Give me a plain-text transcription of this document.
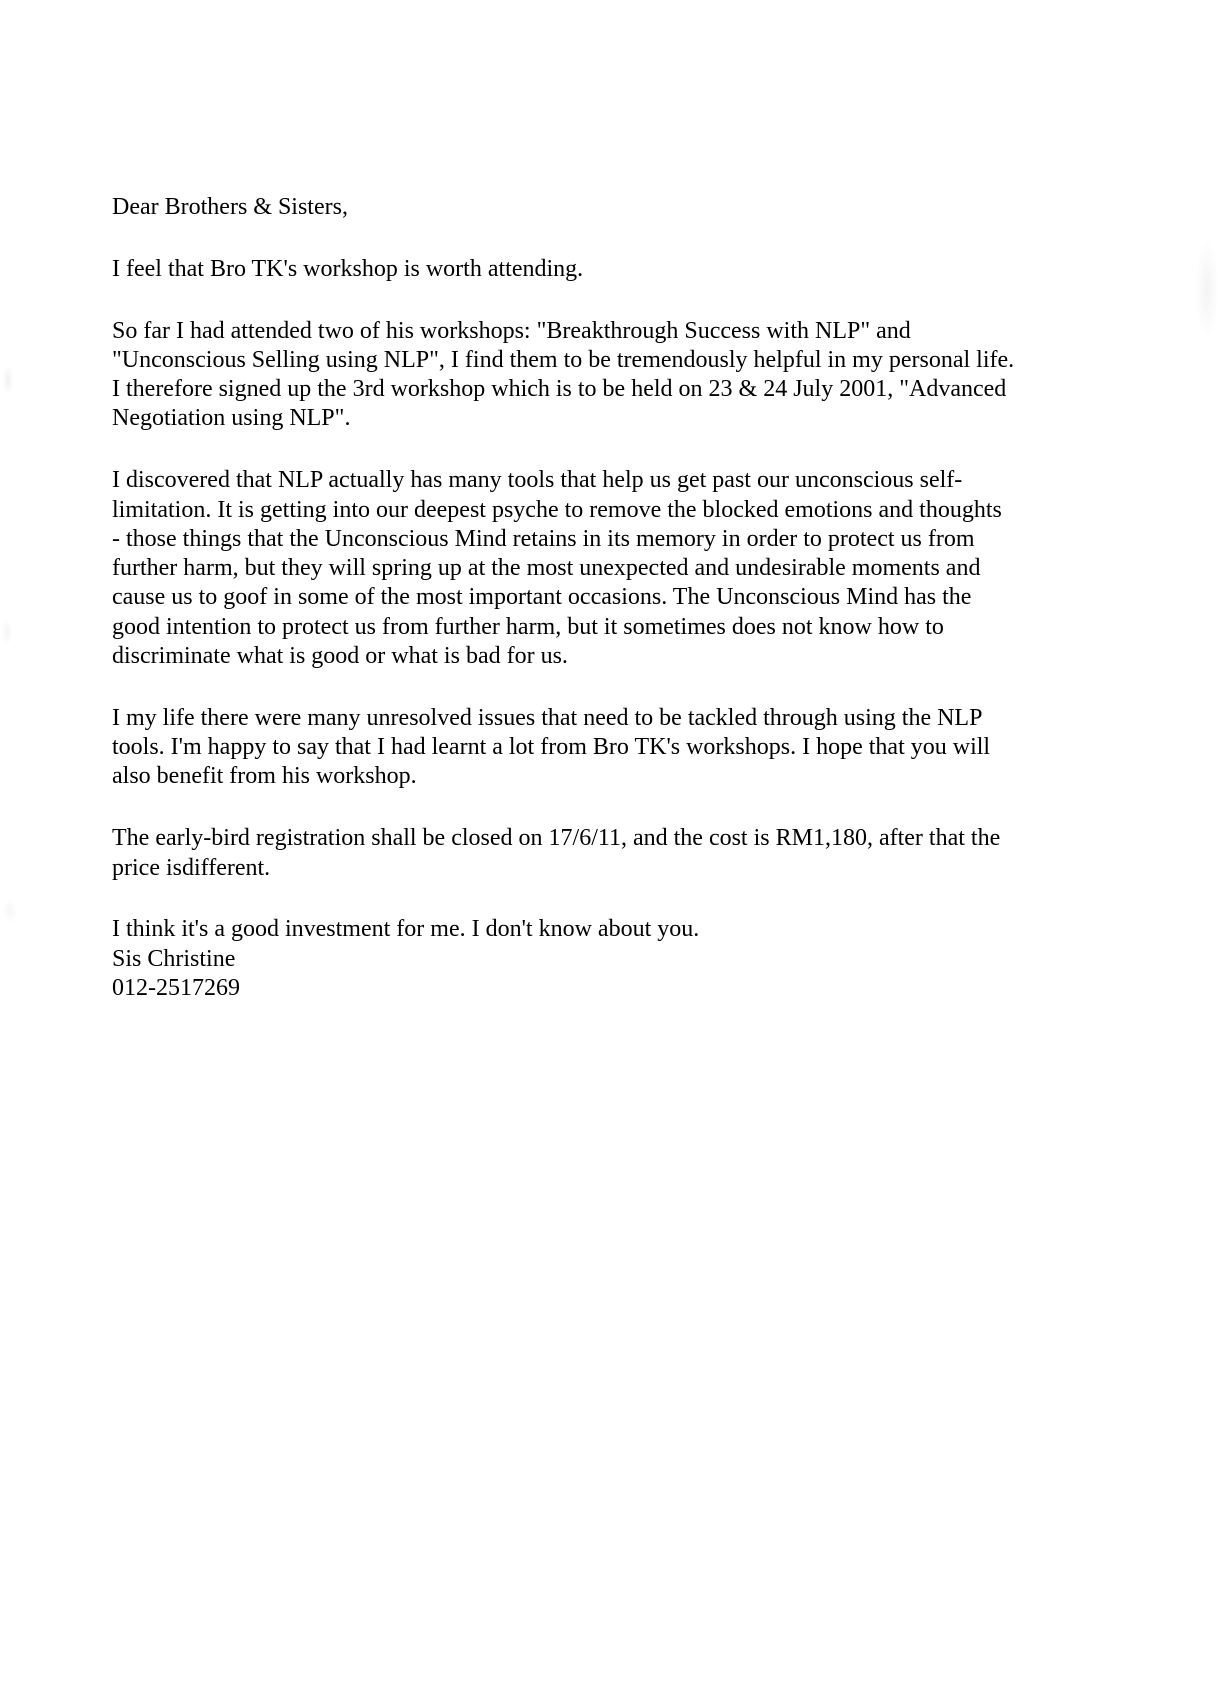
Dear Brothers & Sisters,

I feel that Bro TK's workshop is worth attending.

So far I had attended two of his workshops: "Breakthrough Success with NLP" and
"Unconscious Selling using NLP", I find them to be tremendously helpful in my personal life.
I therefore signed up the 3rd workshop which is to be held on 23 & 24 July 2001, "Advanced
Negotiation using NLP".

I discovered that NLP actually has many tools that help us get past our unconscious self-
limitation. It is getting into our deepest psyche to remove the blocked emotions and thoughts
- those things that the Unconscious Mind retains in its memory in order to protect us from
further harm, but they will spring up at the most unexpected and undesirable moments and
cause us to goof in some of the most important occasions. The Unconscious Mind has the
good intention to protect us from further harm, but it sometimes does not know how to
discriminate what is good or what is bad for us.

I my life there were many unresolved issues that need to be tackled through using the NLP
tools. I'm happy to say that I had learnt a lot from Bro TK's workshops. I hope that you will
also benefit from his workshop.

The early-bird registration shall be closed on 17/6/11, and the cost is RM1,180, after that the
price isdifferent.

I think it's a good investment for me. I don't know about you.

Sis Christine
012-2517269
